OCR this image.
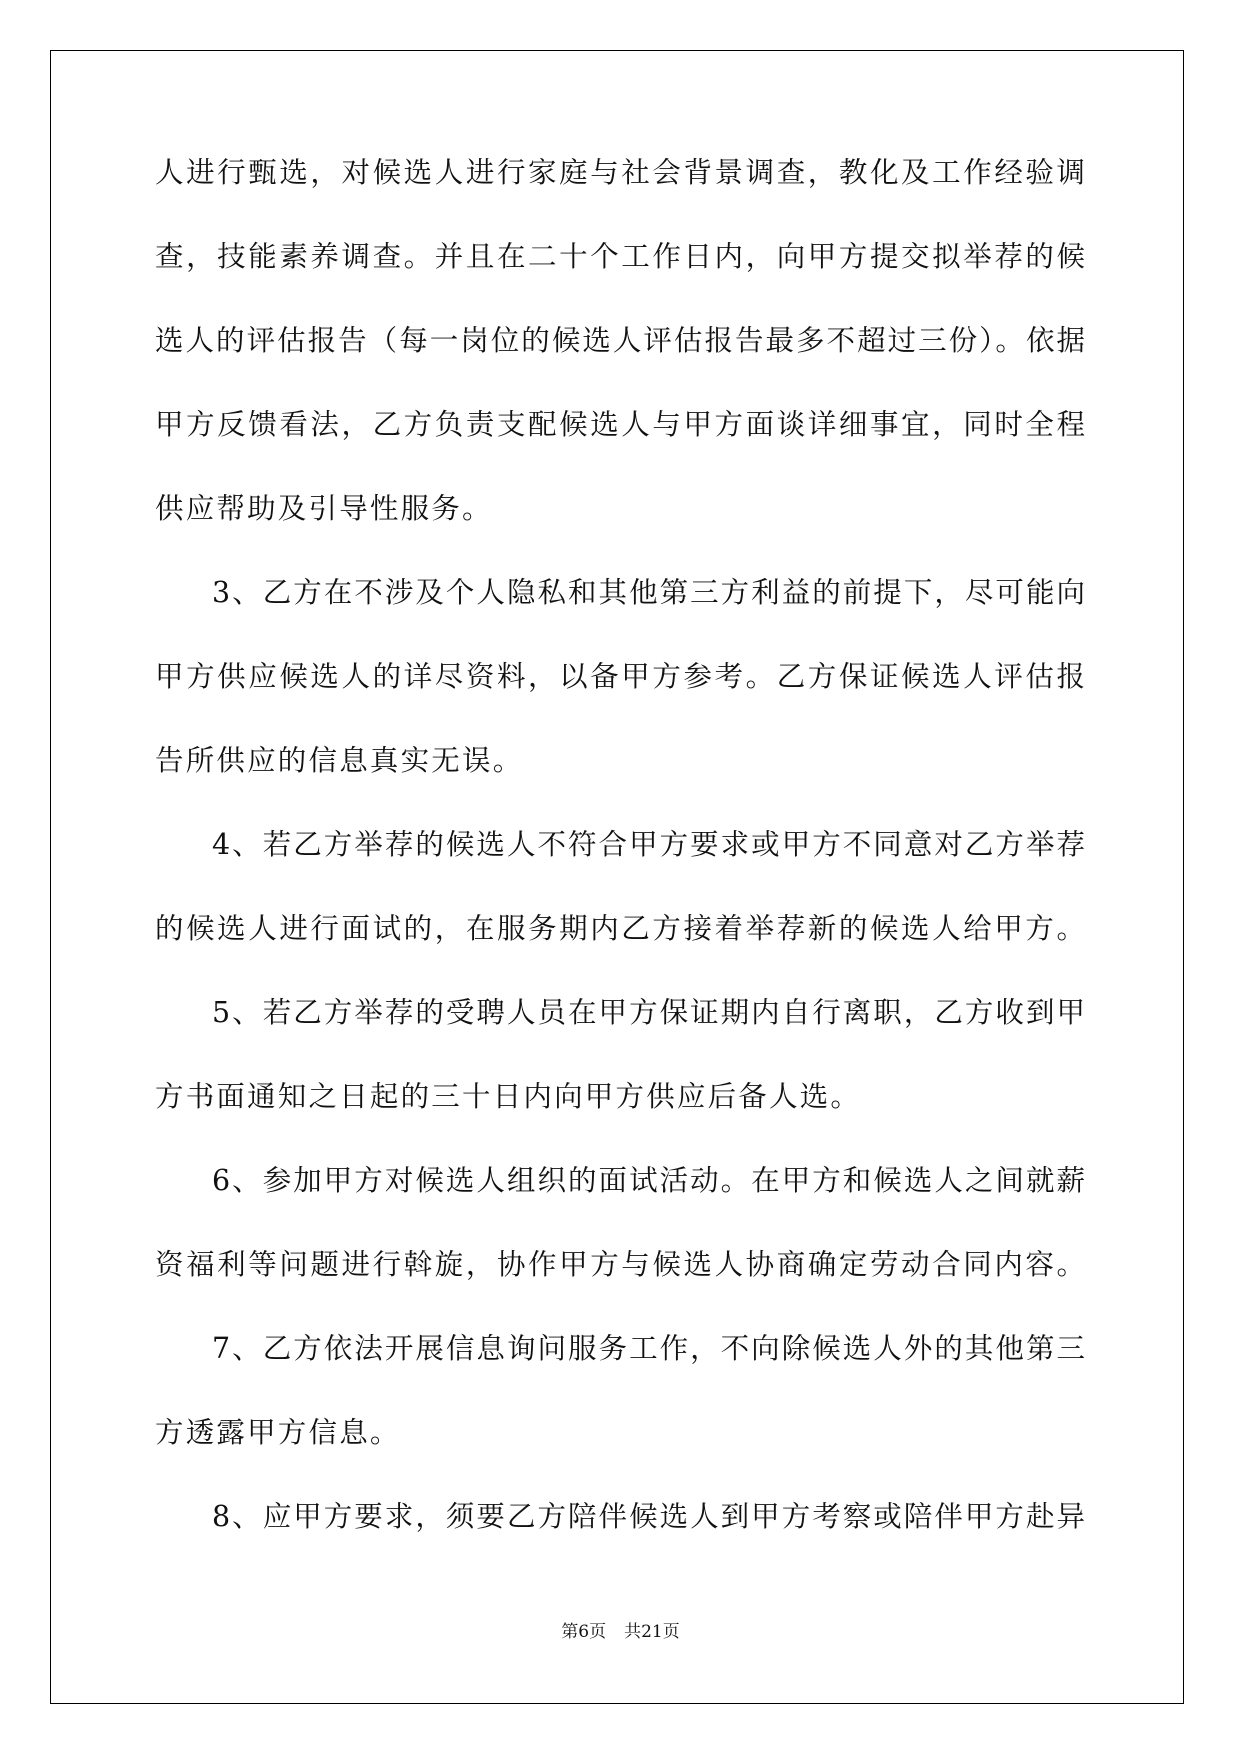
人进行甄选，对候选人进行家庭与社会背景调查，教化及工作经验调
查，技能素养调查。并且在二十个工作日内，向甲方提交拟举荐的候
选人的评估报告（每一岗位的候选人评估报告最多不超过三份）。依据
甲方反馈看法，乙方负责支配候选人与甲方面谈详细事宜，同时全程
供应帮助及引导性服务。
3、乙方在不涉及个人隐私和其他第三方利益的前提下，尽可能向
甲方供应候选人的详尽资料，以备甲方参考。乙方保证候选人评估报
告所供应的信息真实无误。
4、若乙方举荐的候选人不符合甲方要求或甲方不同意对乙方举荐
的候选人进行面试的，在服务期内乙方接着举荐新的候选人给甲方。
5、若乙方举荐的受聘人员在甲方保证期内自行离职，乙方收到甲
方书面通知之日起的三十日内向甲方供应后备人选。
6、参加甲方对候选人组织的面试活动。在甲方和候选人之间就薪
资福利等问题进行斡旋，协作甲方与候选人协商确定劳动合同内容。
7、乙方依法开展信息询问服务工作，不向除候选人外的其他第三
方透露甲方信息。
8、应甲方要求，须要乙方陪伴候选人到甲方考察或陪伴甲方赴异
第6页 共21页
